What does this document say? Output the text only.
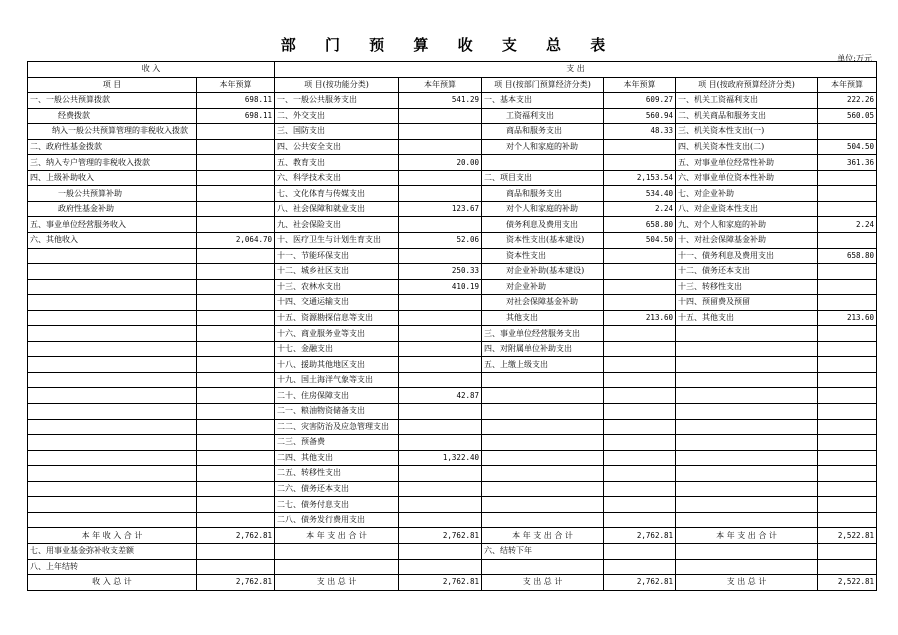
部 门 预 算 收 支 总 表
单位:万元
收 入		支 出					
项 目	本年预算	项 目(按功能分类)	本年预算	项 目(按部门预算经济分类)	本年预算	项 目(按政府预算经济分类)	本年预算
一、一般公共预算拨款	698.11	一、一般公共服务支出	541.29	一、基本支出	609.27	一、机关工资福利支出	222.26
经费拨款	698.11	二、外交支出		工资福利支出	560.94	二、机关商品和服务支出	560.05
纳入一般公共预算管理的非税收入拨款		三、国防支出		商品和服务支出	48.33	三、机关资本性支出(一)	
二、政府性基金拨款		四、公共安全支出		对个人和家庭的补助		四、机关资本性支出(二)	504.50
三、纳入专户管理的非税收入拨款		五、教育支出	20.00			五、对事业单位经常性补助	361.36
四、上级补助收入		六、科学技术支出		二、项目支出	2,153.54	六、对事业单位资本性补助	
一般公共预算补助		七、文化体育与传媒支出		商品和服务支出	534.40	七、对企业补助	
政府性基金补助		八、社会保障和就业支出	123.67	对个人和家庭的补助	2.24	八、对企业资本性支出	
五、事业单位经营服务收入		九、社会保险支出		债务利息及费用支出	658.80	九、对个人和家庭的补助	2.24
六、其他收入	2,064.70	十、医疗卫生与计划生育支出	52.06	资本性支出(基本建设)	504.50	十、对社会保障基金补助	
		十一、节能环保支出		资本性支出		十一、债务利息及费用支出	658.80
		十二、城乡社区支出	250.33	对企业补助(基本建设)		十二、债务还本支出	
		十三、农林水支出	410.19	对企业补助		十三、转移性支出	
		十四、交通运输支出		对社会保障基金补助		十四、预留费及预留	
		十五、资源勘探信息等支出		其他支出	213.60	十五、其他支出	213.60
		十六、商业服务业等支出		三、事业单位经营服务支出			
		十七、金融支出		四、对附属单位补助支出			
		十八、援助其他地区支出		五、上缴上级支出			
		十九、国土海洋气象等支出					
		二十、住房保障支出	42.87				
		二一、粮油物资储备支出					
		二二、灾害防治及应急管理支出					
		二三、预备费					
		二四、其他支出	1,322.40				
		二五、转移性支出					
		二六、债务还本支出					
		二七、债务付息支出					
		二八、债务发行费用支出					
本 年 收 入 合 计	2,762.81	本 年 支 出 合 计	2,762.81	本 年 支 出 合 计	2,762.81	本 年 支 出 合 计	2,522.81
七、用事业基金弥补收支差额				六、结转下年			
八、上年结转							
收 入 总 计	2,762.81	支 出 总 计	2,762.81	支 出 总 计	2,762.81	支 出 总 计	2,522.81
